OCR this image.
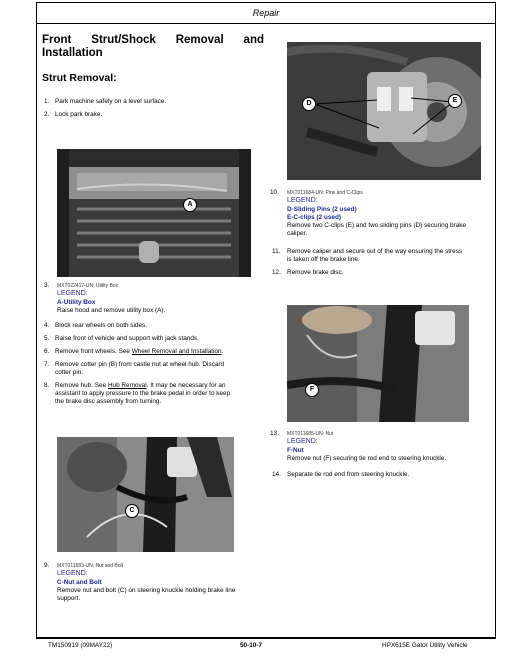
Repair
Front Strut/Shock Removal and
Installation
Strut Removal:
1. Park machine safely on a level surface.
2. Lock park brake.
A
3. MXT022417-UN: Utility Box
LEGEND:
A-Utility Box
Raise hood and remove utility box (A).
4. Block rear wheels on both sides.
5. Raise front of vehicle and support with jack stands.
6. Remove front wheels. See Wheel Removal and Installation.
7. Remove cotter pin (B) from castle nut at wheel hub. Discard
cotter pin.
8. Remove hub. See Hub Removal. It may be necessary for an
assistant to apply pressure to the brake pedal in order to keep
the brake disc assembly from turning.
C
9. MXT011683-UN: Nut and Bolt
LEGEND:
C-Nut and Bolt
Remove nut and bolt (C) on steering knuckle holding brake line
support.
D	E
10. MXT011684-UN: Pins and C-Clips
LEGEND:
D-Sliding Pins (2 used)
E-C-clips (2 used)
Remove two C-clips (E) and two sliding pins (D) securing brake
caliper.
11. Remove caliper and secure out of the way ensuring the stress
is taken off the brake line.
12. Remove brake disc.
F
13. MXT011685-UN: Nut
LEGEND:
F-Nut
Remove nut (F) securing tie rod end to steering knuckle.
14. Separate tie rod end from steering knuckle.
TM150919 (09MAY22)	50-10-7	HPX615E Gator Utility Vehicle
